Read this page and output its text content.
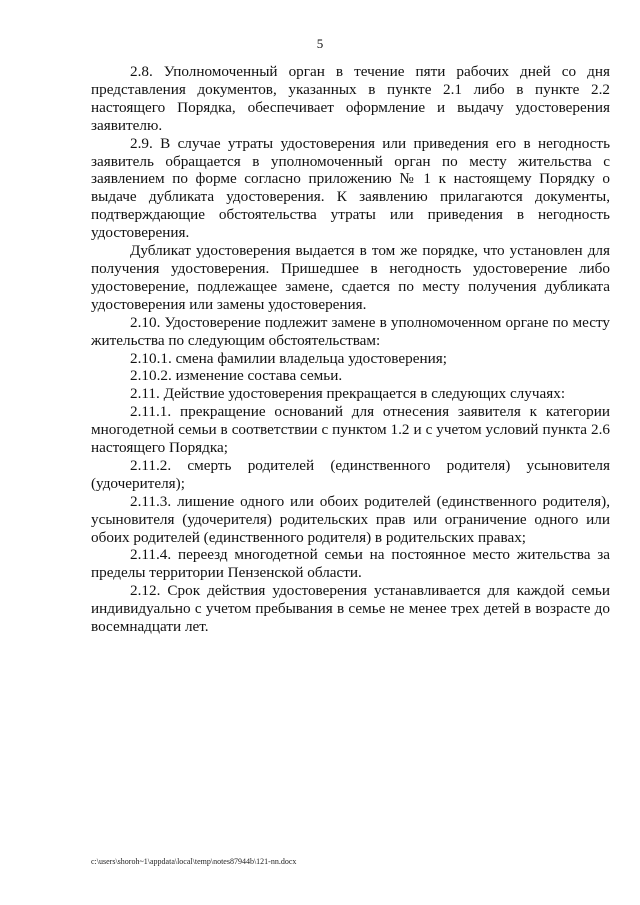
5

2.8. Уполномоченный орган в течение пяти рабочих дней со дня представления документов, указанных в пункте 2.1 либо в пункте 2.2 настоящего Порядка, обеспечивает оформление и выдачу удостоверения заявителю.

2.9. В случае утраты удостоверения или приведения его в негодность заявитель обращается в уполномоченный орган по месту жительства с заявлением по форме согласно приложению № 1 к настоящему Порядку о выдаче дубликата удостоверения. К заявлению прилагаются документы, подтверждающие обстоятельства утраты или приведения в негодность удостоверения.

Дубликат удостоверения выдается в том же порядке, что установлен для получения удостоверения. Пришедшее в негодность удостоверение либо удостоверение, подлежащее замене, сдается по месту получения дубликата удостоверения или замены удостоверения.

2.10. Удостоверение подлежит замене в уполномоченном органе по месту жительства по следующим обстоятельствам:

2.10.1. смена фамилии владельца удостоверения;

2.10.2. изменение состава семьи.

2.11. Действие удостоверения прекращается в следующих случаях:

2.11.1. прекращение оснований для отнесения заявителя к категории многодетной семьи в соответствии с пунктом 1.2 и с учетом условий пункта 2.6 настоящего Порядка;

2.11.2. смерть родителей (единственного родителя) усыновителя (удочерителя);

2.11.3. лишение одного или обоих родителей (единственного родителя), усыновителя (удочерителя) родительских прав или ограничение одного или обоих родителей (единственного родителя) в родительских правах;

2.11.4. переезд многодетной семьи на постоянное место жительства за пределы территории Пензенской области.

2.12. Срок действия удостоверения устанавливается для каждой семьи индивидуально с учетом пребывания в семье не менее трех детей в возрасте до восемнадцати лет.

c:\users\shoroh~1\appdata\local\temp\notes87944b\121-nn.docx
